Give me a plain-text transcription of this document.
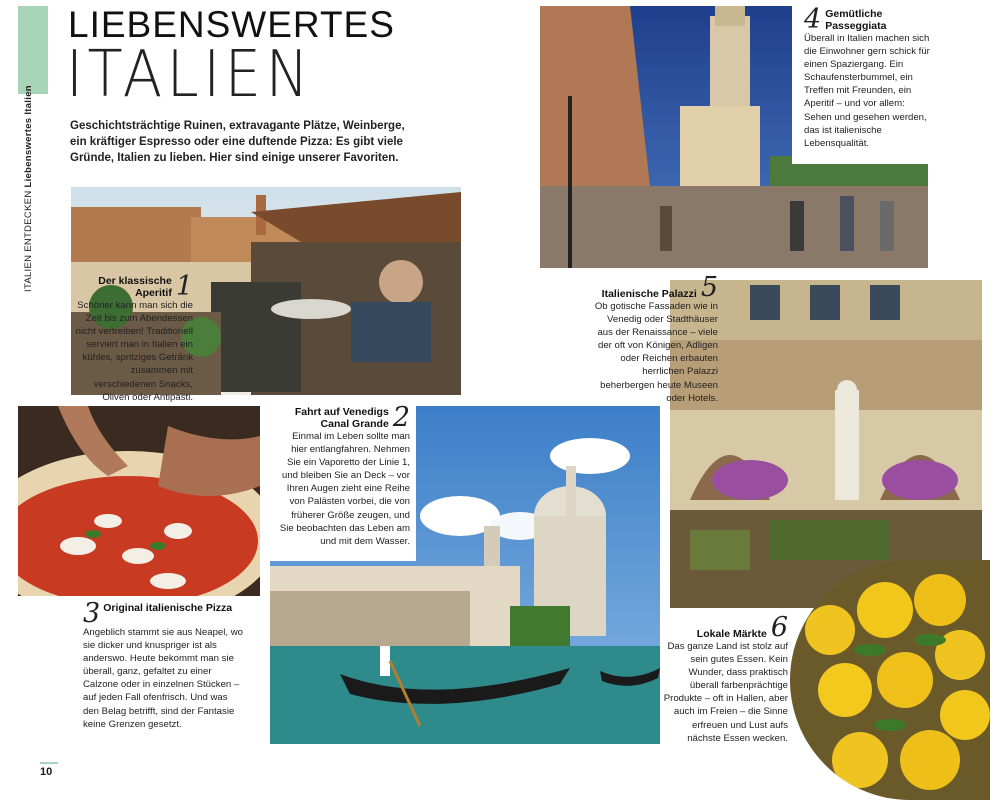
ITALIEN ENTDECKEN Liebenswertes Italien
LIEBENSWERTES
ITALIEN
Geschichtsträchtige Ruinen, extravagante Plätze, Weinberge, ein kräftiger Espresso oder eine duftende Pizza: Es gibt viele Gründe, Italien zu lieben. Hier sind einige unserer Favoriten.
Der klassische Aperitif 1
Schöner kann man sich die Zeit bis zum Abendessen nicht vertreiben! Traditionell serviert man in Italien ein kühles, spritziges Getränk zusammen mit verschiedenen Snacks, Oliven oder Antipasti.
4 Gemütliche Passeggiata
Überall in Italien machen sich die Einwohner gern schick für einen Spaziergang. Ein Schaufensterbummel, ein Treffen mit Freunden, ein Aperitif – und vor allem: Sehen und gesehen werden, das ist italienische Lebensqualität.
Italienische Palazzi 5
Ob gotische Fassaden wie in Venedig oder Stadthäuser aus der Renaissance – viele der oft von Königen, Adligen oder Reichen erbauten herrlichen Palazzi beherbergen heute Museen oder Hotels.
3 Original italienische Pizza
Angeblich stammt sie aus Neapel, wo sie dicker und knuspriger ist als anderswo. Heute bekommt man sie überall, ganz, gefaltet zu einer Calzone oder in einzelnen Stücken – auf jeden Fall ofenfrisch. Und was den Belag betrifft, sind der Fantasie keine Grenzen gesetzt.
Fahrt auf Venedigs Canal Grande 2
Einmal im Leben sollte man hier entlangfahren. Nehmen Sie ein Vaporetto der Linie 1, und bleiben Sie an Deck – vor Ihren Augen zieht eine Reihe von Palästen vorbei, die von früherer Größe zeugen, und Sie beobachten das Leben am und mit dem Wasser.
Lokale Märkte 6
Das ganze Land ist stolz auf sein gutes Essen. Kein Wunder, dass praktisch überall farbenprächtige Produkte – oft in Hallen, aber auch im Freien – die Sinne erfreuen und Lust aufs nächste Essen wecken.
10
